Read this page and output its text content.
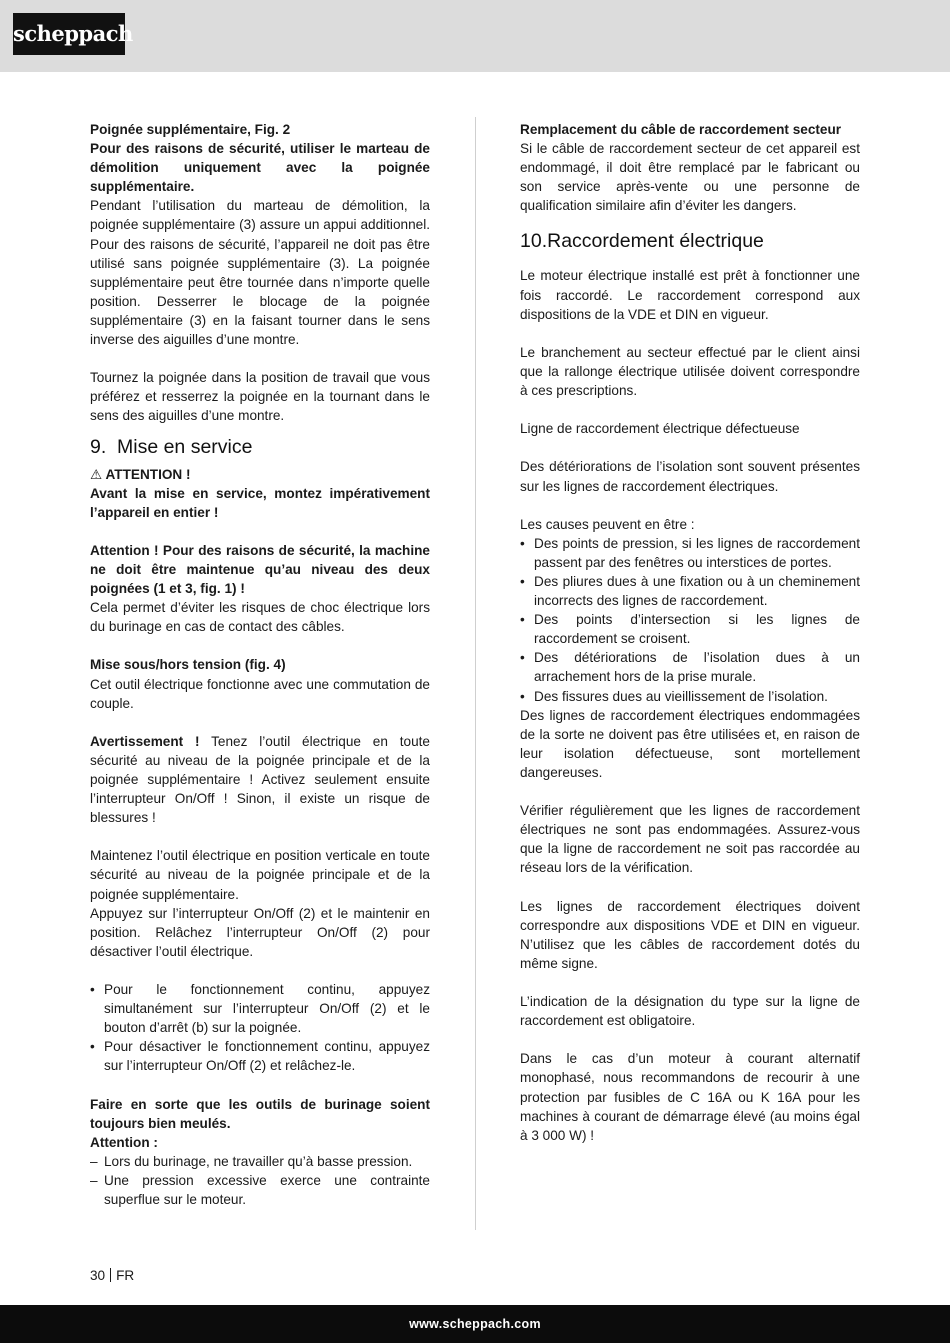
scheppach

Poignée supplémentaire, Fig. 2

Pour des raisons de sécurité, utiliser le marteau de démolition uniquement avec la poignée supplémentaire.

Pendant l’utilisation du marteau de démolition, la poignée supplémentaire (3) assure un appui additionnel. Pour des raisons de sécurité, l’appareil ne doit pas être utilisé sans poignée supplémentaire (3). La poignée supplémentaire peut être tournée dans n’importe quelle position. Desserrer le blocage de la poignée supplémentaire (3) en la faisant tourner dans le sens inverse des aiguilles d’une montre.

Tournez la poignée dans la position de travail que vous préférez et resserrez la poignée en la tournant dans le sens des aiguilles d’une montre.

9. Mise en service

⚠ ATTENTION !

Avant la mise en service, montez impérativement l’appareil en entier !

Attention ! Pour des raisons de sécurité, la machine ne doit être maintenue qu’au niveau des deux poignées (1 et 3, fig. 1) !

Cela permet d’éviter les risques de choc électrique lors du burinage en cas de contact des câbles.

Mise sous/hors tension (fig. 4)

Cet outil électrique fonctionne avec une commutation de couple.

Avertissement ! Tenez l’outil électrique en toute sécurité au niveau de la poignée principale et de la poignée supplémentaire ! Activez seulement ensuite l’interrupteur On/Off ! Sinon, il existe un risque de blessures !

Maintenez l’outil électrique en position verticale en toute sécurité au niveau de la poignée principale et de la poignée supplémentaire.

Appuyez sur l’interrupteur On/Off (2) et le maintenir en position. Relâchez l’interrupteur On/Off (2) pour désactiver l’outil électrique.

• Pour le fonctionnement continu, appuyez simultanément sur l’interrupteur On/Off (2) et le bouton d’arrêt (b) sur la poignée.
• Pour désactiver le fonctionnement continu, appuyez sur l’interrupteur On/Off (2) et relâchez-le.

Faire en sorte que les outils de burinage soient toujours bien meulés.

Attention :

– Lors du burinage, ne travailler qu’à basse pression.
– Une pression excessive exerce une contrainte superflue sur le moteur.

Remplacement du câble de raccordement secteur

Si le câble de raccordement secteur de cet appareil est endommagé, il doit être remplacé par le fabricant ou son service après-vente ou une personne de qualification similaire afin d’éviter les dangers.

10.Raccordement électrique

Le moteur électrique installé est prêt à fonctionner une fois raccordé. Le raccordement correspond aux dispositions de la VDE et DIN en vigueur.

Le branchement au secteur effectué par le client ainsi que la rallonge électrique utilisée doivent correspondre à ces prescriptions.

Ligne de raccordement électrique défectueuse

Des détériorations de l’isolation sont souvent présentes sur les lignes de raccordement électriques.

Les causes peuvent en être :

• Des points de pression, si les lignes de raccordement passent par des fenêtres ou interstices de portes.
• Des pliures dues à une fixation ou à un cheminement incorrects des lignes de raccordement.
• Des points d’intersection si les lignes de raccordement se croisent.
• Des détériorations de l’isolation dues à un arrachement hors de la prise murale.
• Des fissures dues au vieillissement de l’isolation.

Des lignes de raccordement électriques endommagées de la sorte ne doivent pas être utilisées et, en raison de leur isolation défectueuse, sont mortellement dangereuses.

Vérifier régulièrement que les lignes de raccordement électriques ne sont pas endommagées. Assurez-vous que la ligne de raccordement ne soit pas raccordée au réseau lors de la vérification.

Les lignes de raccordement électriques doivent correspondre aux dispositions VDE et DIN en vigueur. N’utilisez que les câbles de raccordement dotés du même signe.

L’indication de la désignation du type sur la ligne de raccordement est obligatoire.

Dans le cas d’un moteur à courant alternatif monophasé, nous recommandons de recourir à une protection par fusibles de C 16A ou K 16A pour les machines à courant de démarrage élevé (au moins égal à 3 000 W) !

30 FR
www.scheppach.com
